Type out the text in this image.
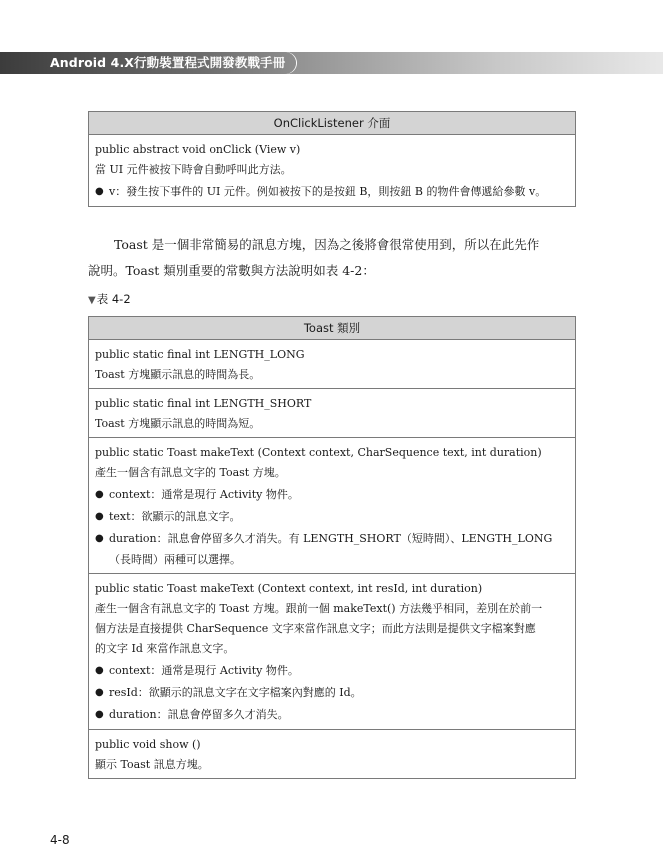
Android 4.X行動裝置程式開發教戰手冊
OnClickListener 介面
public abstract void onClick (View v)
當 UI 元件被按下時會自動呼叫此方法。
● v：發生按下事件的 UI 元件。例如被按下的是按鈕 B，則按鈕 B 的物件會傳遞給參數 v。
Toast 是一個非常簡易的訊息方塊，因為之後將會很常使用到，所以在此先作
說明。Toast 類別重要的常數與方法說明如表 4-2：
▼表 4-2
Toast 類別
public static final int LENGTH_LONG
Toast 方塊顯示訊息的時間為長。
public static final int LENGTH_SHORT
Toast 方塊顯示訊息的時間為短。
public static Toast makeText (Context context, CharSequence text, int duration)
產生一個含有訊息文字的 Toast 方塊。
● context：通常是現行 Activity 物件。
● text：欲顯示的訊息文字。
● duration：訊息會停留多久才消失。有 LENGTH_SHORT（短時間）、LENGTH_LONG
（長時間）兩種可以選擇。
public static Toast makeText (Context context, int resId, int duration)
產生一個含有訊息文字的 Toast 方塊。跟前一個 makeText() 方法幾乎相同，差別在於前一
個方法是直接提供 CharSequence 文字來當作訊息文字；而此方法則是提供文字檔案對應
的文字 Id 來當作訊息文字。
● context：通常是現行 Activity 物件。
● resId：欲顯示的訊息文字在文字檔案內對應的 Id。
● duration：訊息會停留多久才消失。
public void show ()
顯示 Toast 訊息方塊。
4-8
